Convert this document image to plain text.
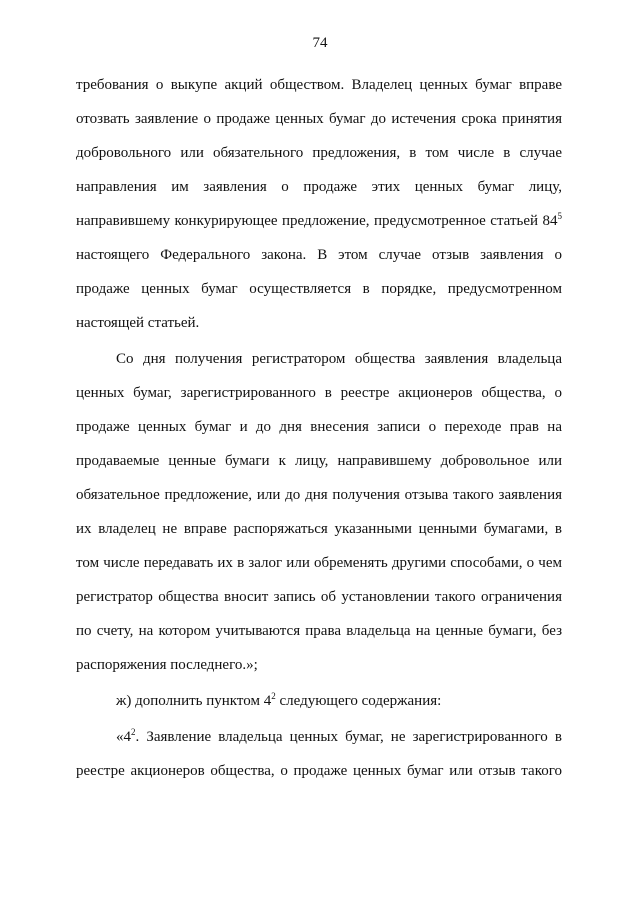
74
требования о выкупе акций обществом. Владелец ценных бумаг вправе
отозвать заявление о продаже ценных бумаг до истечения срока принятия
добровольного или обязательного предложения, в том числе в случае
направления им заявления о продаже этих ценных бумаг лицу,
направившему конкурирующее предложение, предусмотренное статьей $84^5$
настоящего Федерального закона. В этом случае отзыв заявления о
продаже ценных бумаг осуществляется в порядке, предусмотренном
настоящей статьей.
Со дня получения регистратором общества заявления владельца
ценных бумаг, зарегистрированного в реестре акционеров общества, о
продаже ценных бумаг и до дня внесения записи о переходе прав на
продаваемые ценные бумаги к лицу, направившему добровольное или
обязательное предложение, или до дня получения отзыва такого заявления
их владелец не вправе распоряжаться указанными ценными бумагами, в
том числе передавать их в залог или обременять другими способами, о чем
регистратор общества вносит запись об установлении такого ограничения
по счету, на котором учитываются права владельца на ценные бумаги, без
распоряжения последнего.»;
ж) дополнить пунктом $4^2$ следующего содержания:
«$4^2$. Заявление владельца ценных бумаг, не зарегистрированного в
реестре акционеров общества, о продаже ценных бумаг или отзыв такого
